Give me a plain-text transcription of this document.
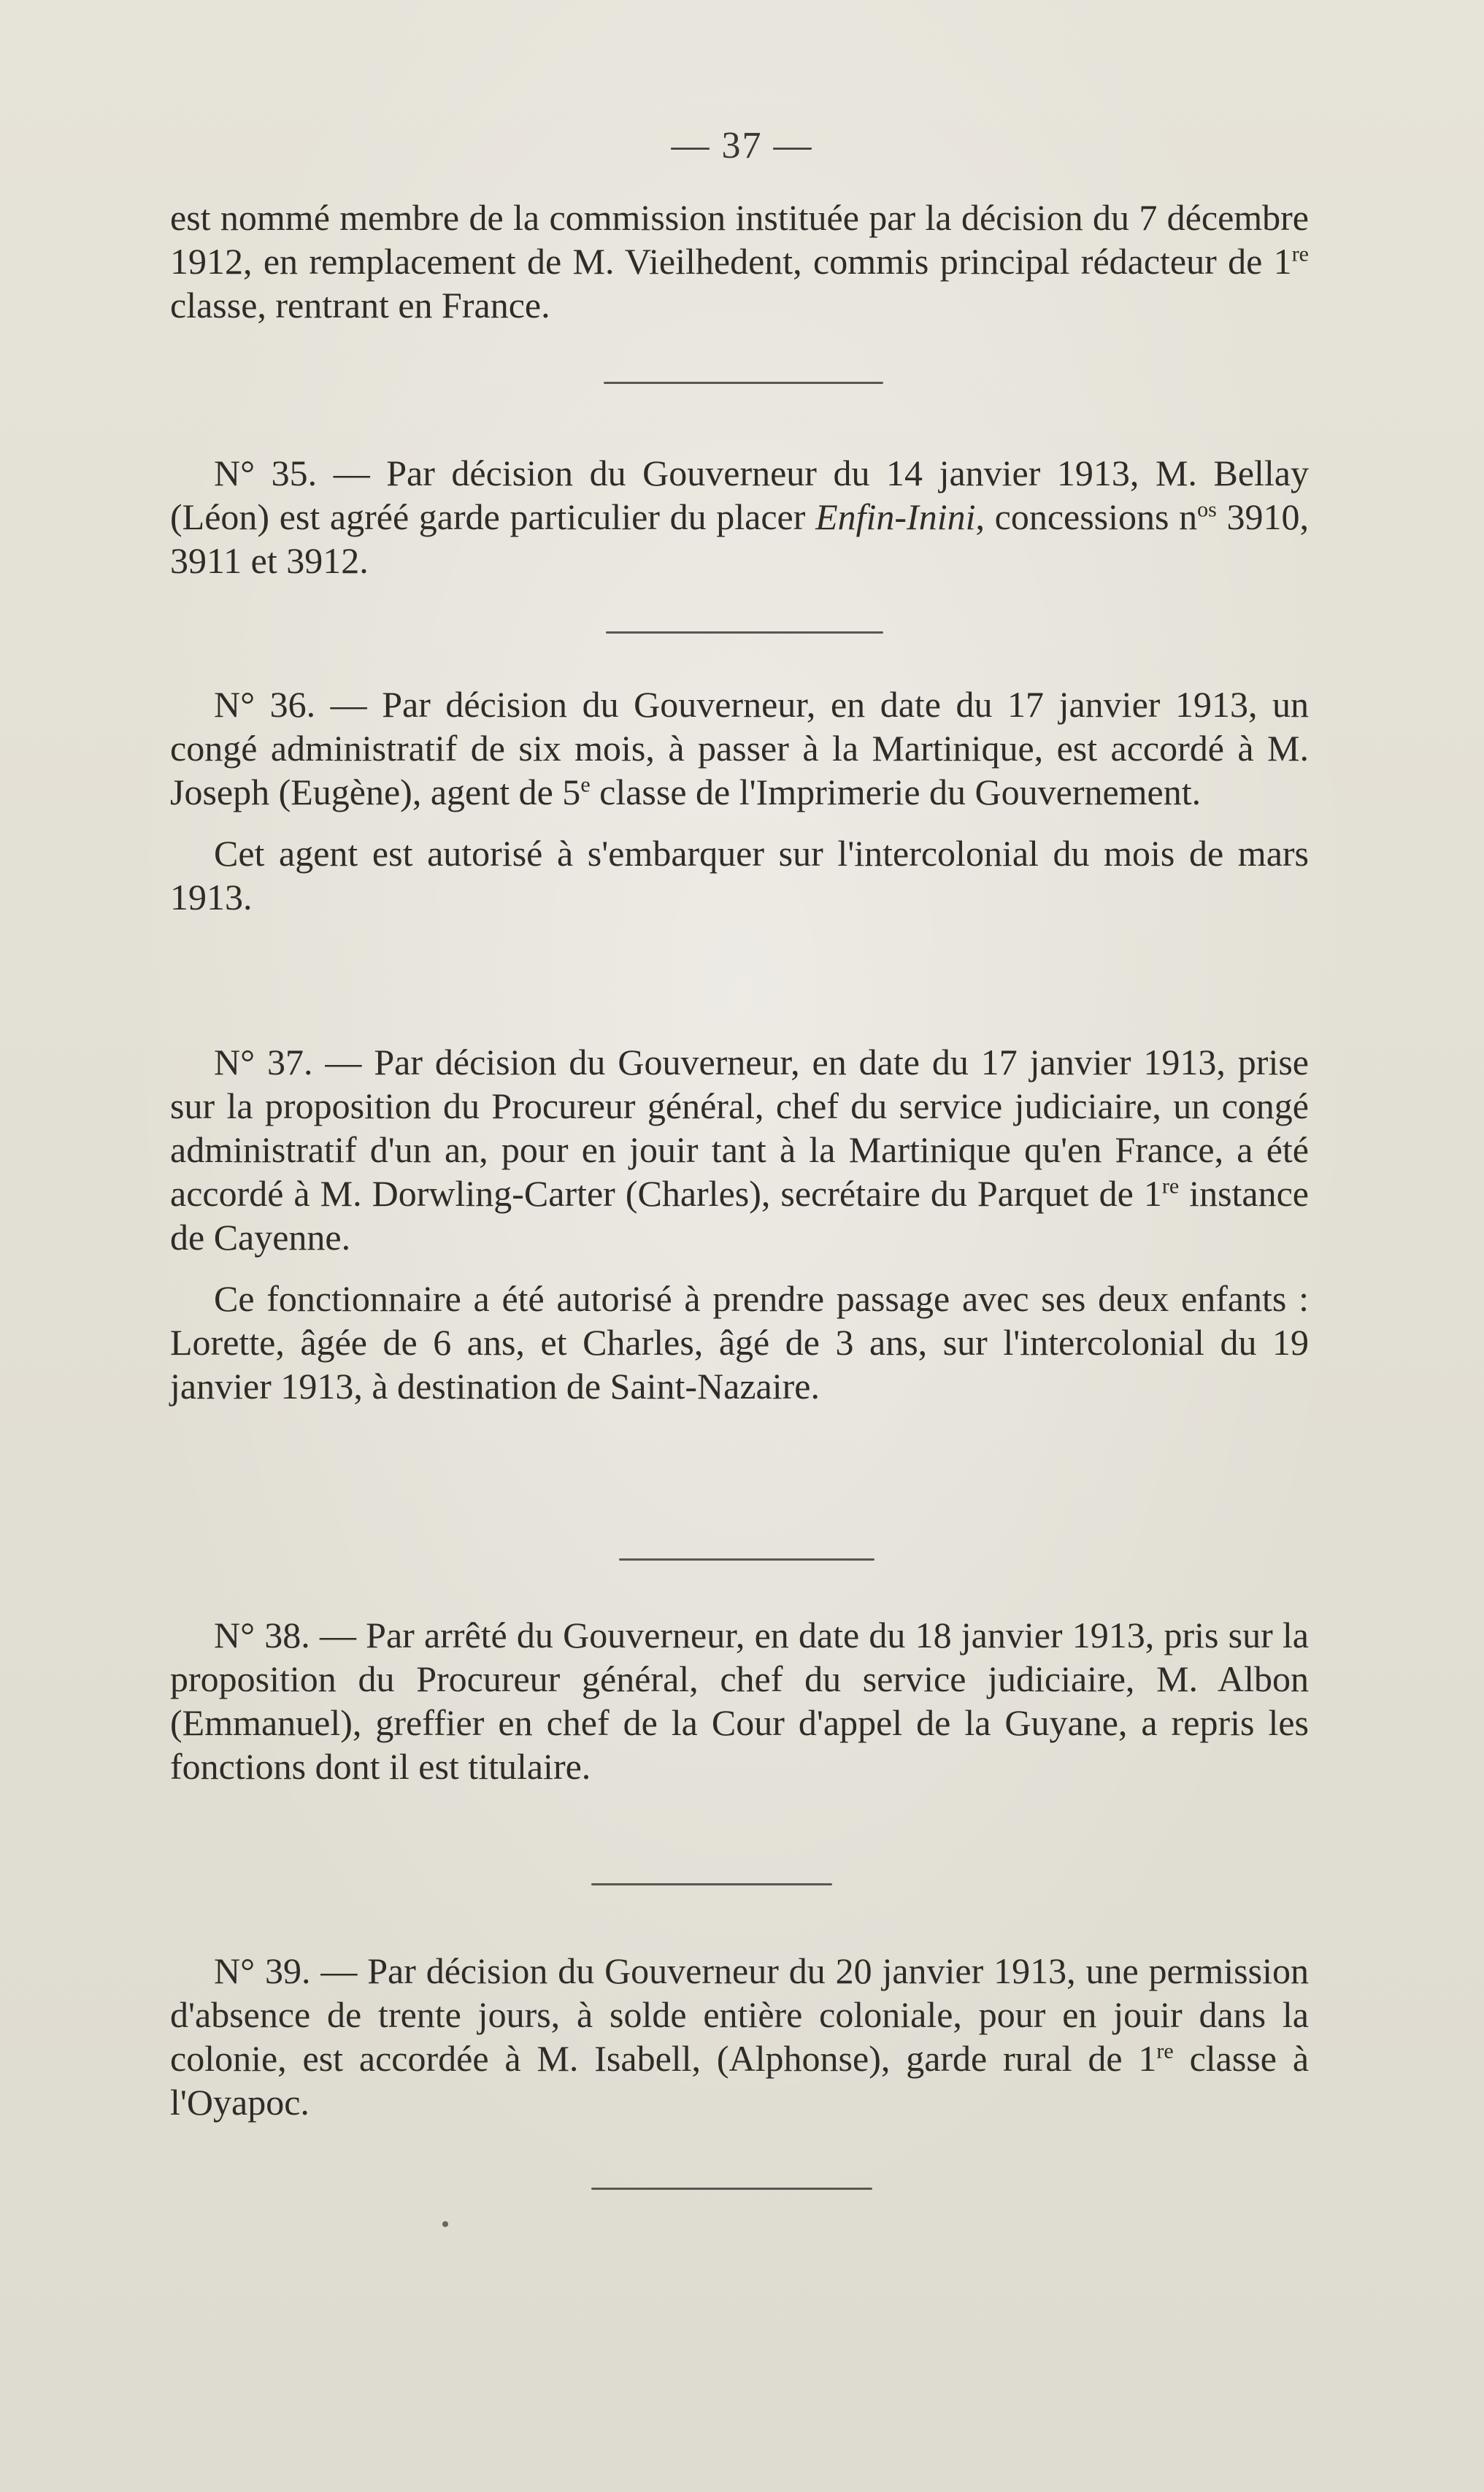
— 37 —

est nommé membre de la commission instituée par la décision du 7 décembre 1912, en remplacement de M. Vieilhedent, commis principal rédacteur de 1re classe, rentrant en France.

N° 35. — Par décision du Gouverneur du 14 janvier 1913, M. Bellay (Léon) est agréé garde particulier du placer Enfin-Inini, concessions $n^{os}$ 3910, 3911 et 3912.

N° 36. — Par décision du Gouverneur, en date du 17 janvier 1913, un congé administratif de six mois, à passer à la Martinique, est accordé à M. Joseph (Eugène), agent de 5e classe de l'Imprimerie du Gouvernement.

Cet agent est autorisé à s'embarquer sur l'intercolonial du mois de mars 1913.

N° 37. — Par décision du Gouverneur, en date du 17 janvier 1913, prise sur la proposition du Procureur général, chef du service judiciaire, un congé administratif d'un an, pour en jouir tant à la Martinique qu'en France, a été accordé à M. Dorwling-Carter (Charles), secrétaire du Parquet de 1re instance de Cayenne.

Ce fonctionnaire a été autorisé à prendre passage avec ses deux enfants : Lorette, âgée de 6 ans, et Charles, âgé de 3 ans, sur l'intercolonial du 19 janvier 1913, à destination de Saint-Nazaire.

N° 38. — Par arrêté du Gouverneur, en date du 18 janvier 1913, pris sur la proposition du Procureur général, chef du service judiciaire, M. Albon (Emmanuel), greffier en chef de la Cour d'appel de la Guyane, a repris les fonctions dont il est titulaire.

N° 39. — Par décision du Gouverneur du 20 janvier 1913, une permission d'absence de trente jours, à solde entière coloniale, pour en jouir dans la colonie, est accordée à M. Isabell, (Alphonse), garde rural de 1re classe à l'Oyapoc.
